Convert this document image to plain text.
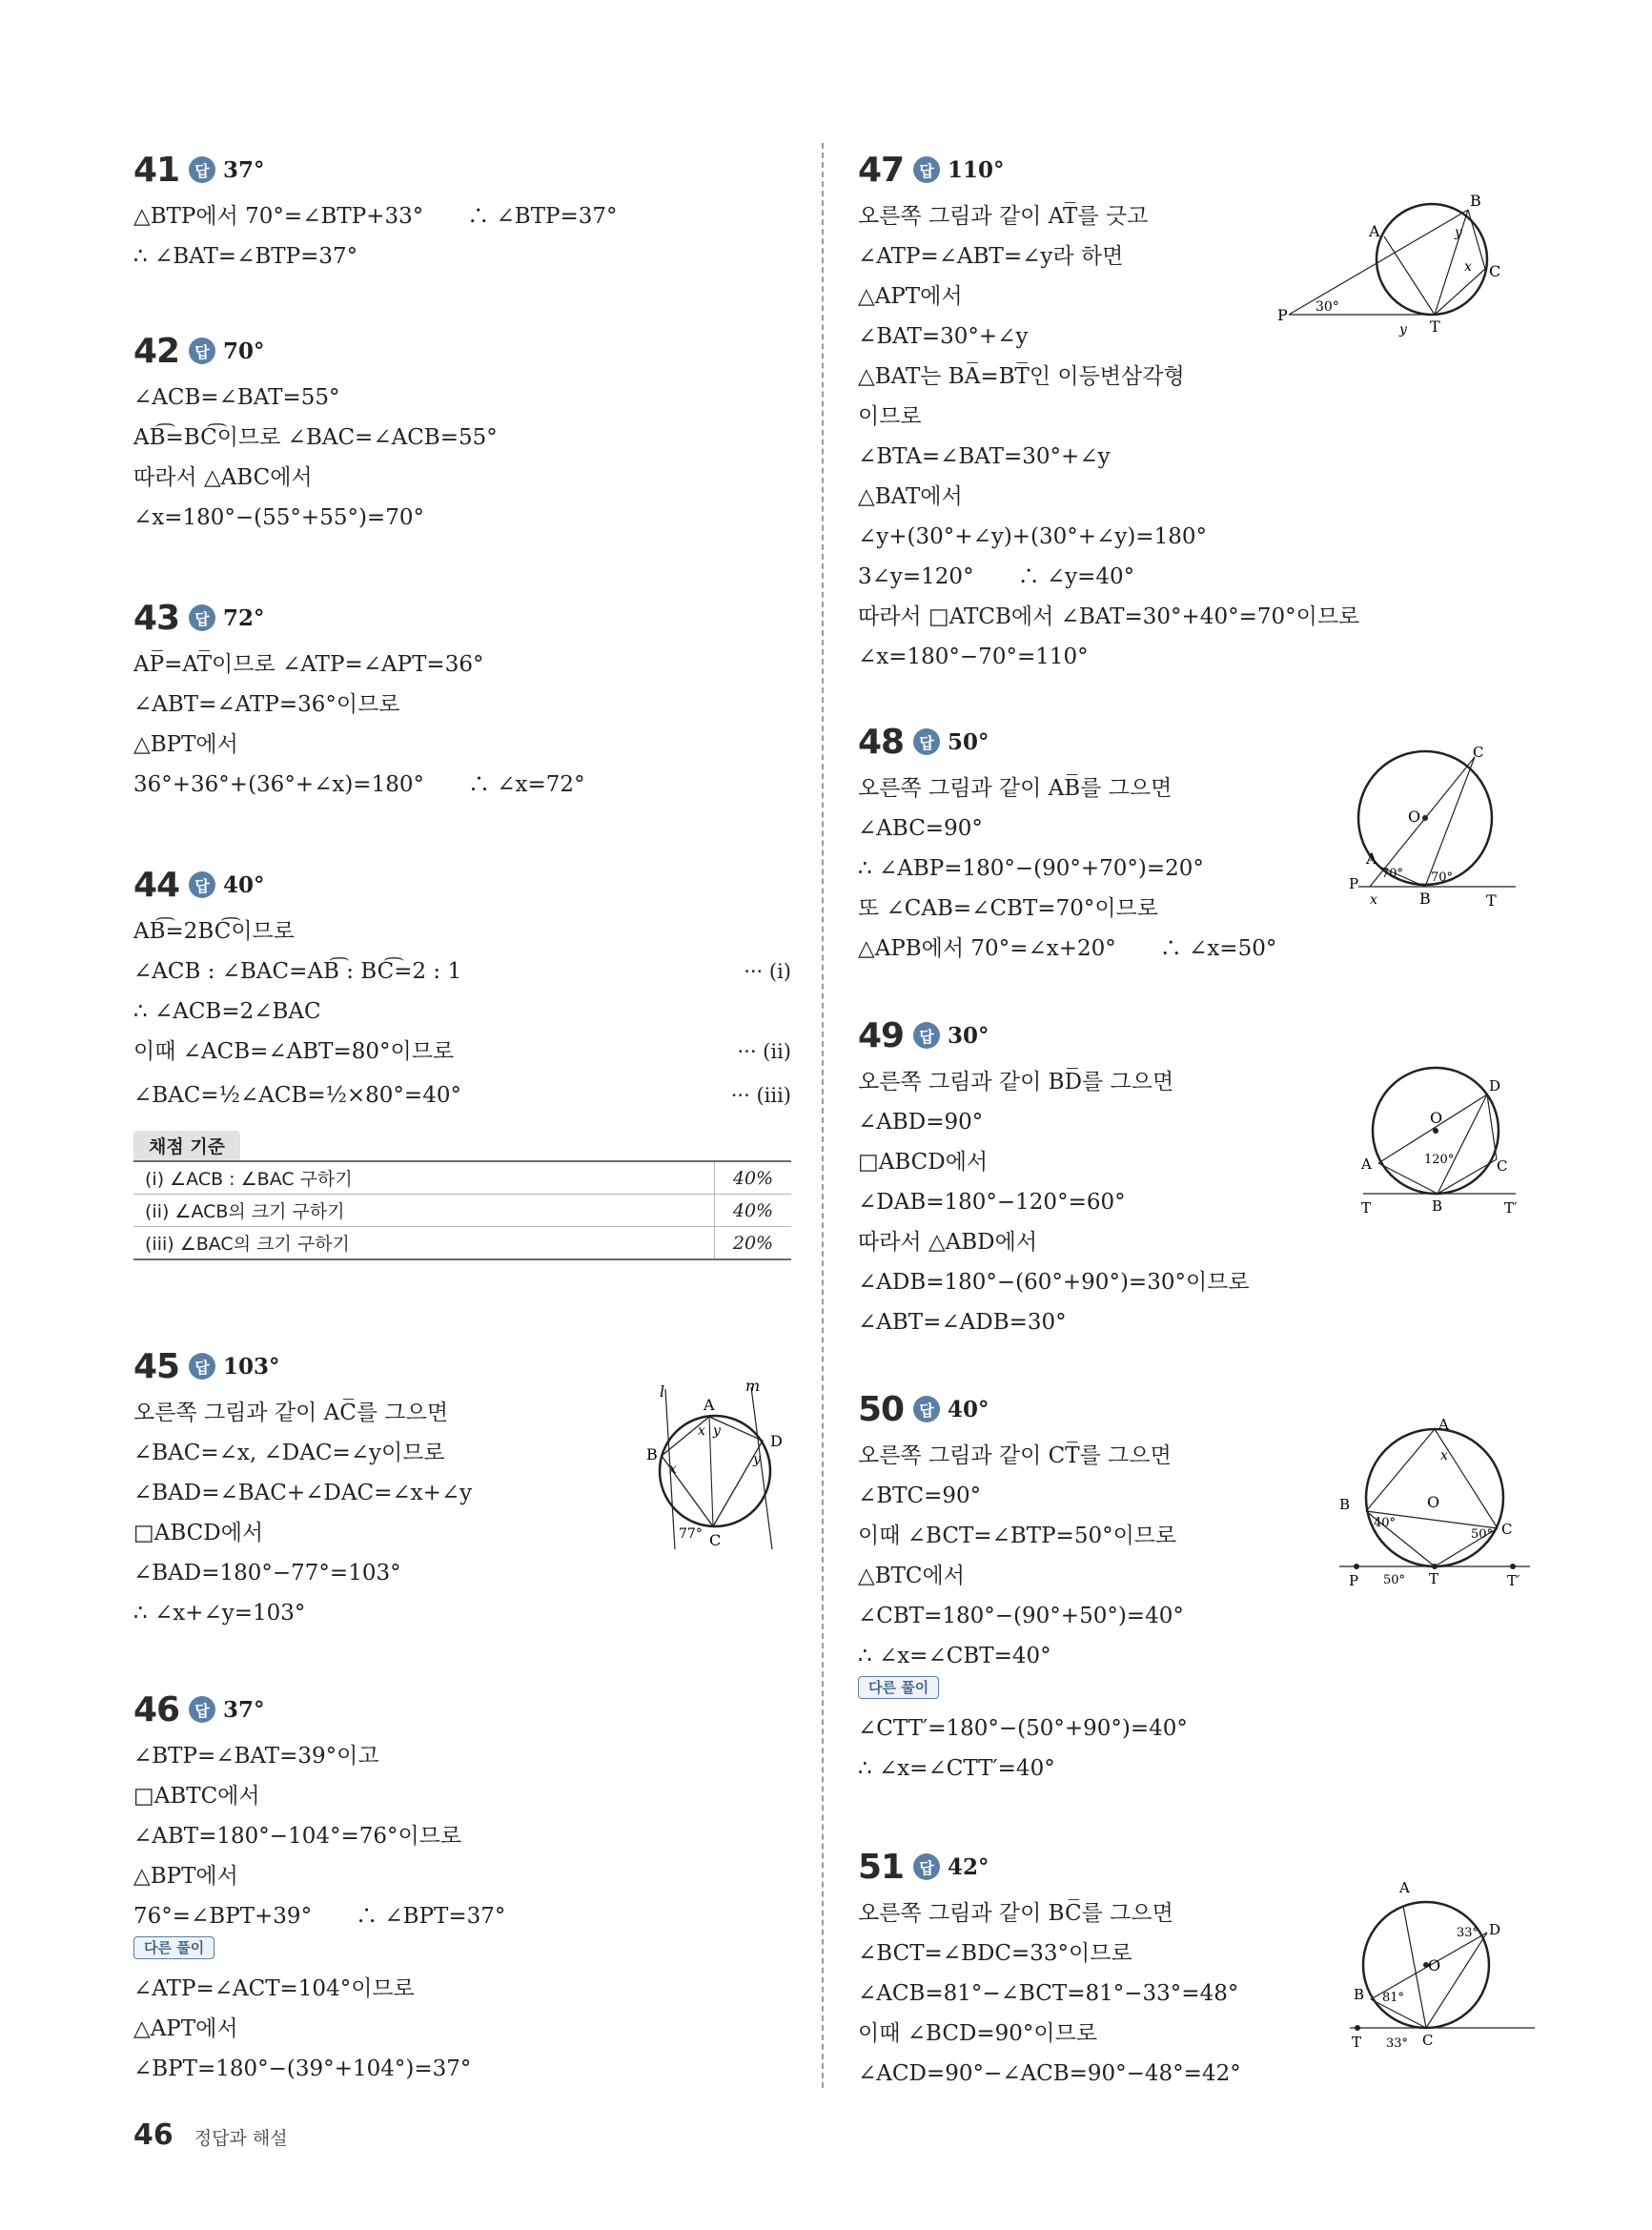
41	답 37°
△BTP에서 70°=∠BTP+33°　　∴ ∠BTP=37°
∴ ∠BAT=∠BTP=37°
42	답 70°
∠ACB=∠BAT=55°
AB͡=BC͡이므로 ∠BAC=∠ACB=55°
따라서 △ABC에서
∠x=180°−(55°+55°)=70°
43	답 72°
AP̅=AT̅이므로 ∠ATP=∠APT=36°
∠ABT=∠ATP=36°이므로
△BPT에서
36°+36°+(36°+∠x)=180°　　∴ ∠x=72°
44	답 40°
AB͡=2BC͡이므로
∠ACB : ∠BAC=AB͡ : BC͡=2 : 1	··· (i)
∴ ∠ACB=2∠BAC
이때 ∠ACB=∠ABT=80°이므로	··· (ii)
∠BAC=½∠ACB=½×80°=40°	··· (iii)
채점 기준
(i) ∠ACB : ∠BAC 구하기	40%
(ii) ∠ACB의 크기 구하기	40%
(iii) ∠BAC의 크기 구하기	20%
45	답 103°
오른쪽 그림과 같이 AC̅를 그으면
∠BAC=∠x, ∠DAC=∠y이므로
∠BAD=∠BAC+∠DAC=∠x+∠y
□ABCD에서
∠BAD=180°−77°=103°
∴ ∠x+∠y=103°
l
A
m
x y
D
B
x
y
77° C
46	답 37°
∠BTP=∠BAT=39°이고
□ABTC에서
∠ABT=180°−104°=76°이므로
△BPT에서
76°=∠BPT+39°　　∴ ∠BPT=37°
다른 풀이
∠ATP=∠ACT=104°이므로
△APT에서
∠BPT=180°−(39°+104°)=37°
47	답 110°
오른쪽 그림과 같이 AT̅를 긋고
∠ATP=∠ABT=∠y라 하면
△APT에서
∠BAT=30°+∠y
△BAT는 BA̅=BT̅인 이등변삼각형
이므로
∠BTA=∠BAT=30°+∠y
△BAT에서
∠y+(30°+∠y)+(30°+∠y)=180°
3∠y=120°　　∴ ∠y=40°
따라서 □ATCB에서 ∠BAT=30°+40°=70°이므로
∠x=180°−70°=110°
B
y
A
x C
P 30°
y T
48	답 50°
오른쪽 그림과 같이 AB̅를 그으면
∠ABC=90°
∴ ∠ABP=180°−(90°+70°)=20°
또 ∠CAB=∠CBT=70°이므로
△APB에서 70°=∠x+20°　　∴ ∠x=50°
C
O
A
70° 70°
P
x	B	T
49	답 30°
오른쪽 그림과 같이 BD̅를 그으면
∠ABD=90°
□ABCD에서
∠DAB=180°−120°=60°
따라서 △ABD에서
∠ADB=180°−(60°+90°)=30°이므로
∠ABT=∠ADB=30°
D
O
120°
A	C
T	B	T′
50	답 40°
오른쪽 그림과 같이 CT̅를 그으면
∠BTC=90°
이때 ∠BCT=∠BTP=50°이므로
△BTC에서
∠CBT=180°−(90°+50°)=40°
∴ ∠x=∠CBT=40°
다른 풀이
∠CTT′=180°−(50°+90°)=40°
∴ ∠x=∠CTT′=40°
A
x
B	O
40°
50° C
P 50° T	T′
51	답 42°
오른쪽 그림과 같이 BC̅를 그으면
∠BCT=∠BDC=33°이므로
∠ACB=81°−∠BCT=81°−33°=48°
이때 ∠BCD=90°이므로
∠ACD=90°−∠ACB=90°−48°=42°
A
33° D
O
B 81°
T 33° C
46 정답과 해설
